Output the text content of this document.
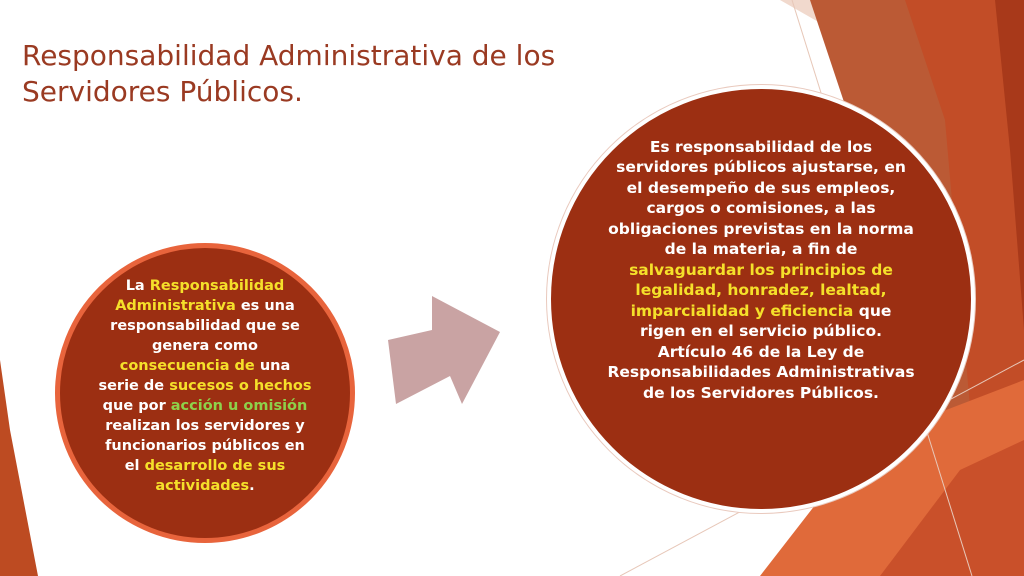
Responsabilidad Administrativa de los
Servidores Públicos.
La Responsabilidad Administrativa es una responsabilidad que se genera como consecuencia de una serie de sucesos o hechos que por acción u omisión realizan los servidores y funcionarios públicos en el desarrollo de sus actividades.
Es responsabilidad de los servidores públicos ajustarse, en el desempeño de sus empleos, cargos o comisiones, a las obligaciones previstas en la norma de la materia, a fin de salvaguardar los principios de legalidad, honradez, lealtad, imparcialidad y eficiencia que rigen en el servicio público. Artículo 46 de la Ley de Responsabilidades Administrativas de los Servidores Públicos.
